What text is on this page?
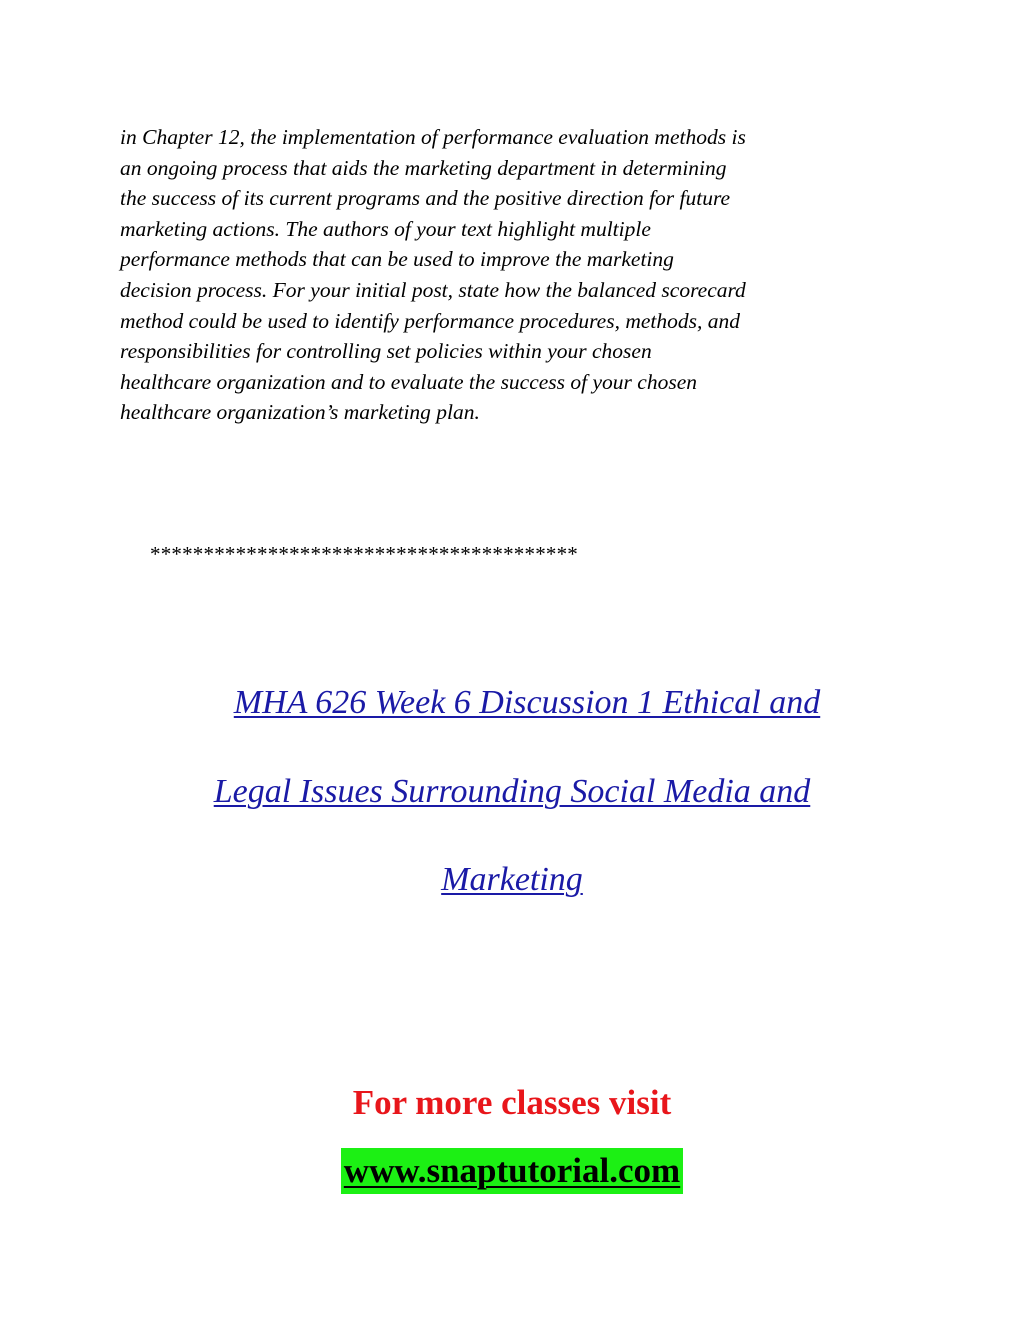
in Chapter 12, the implementation of performance evaluation methods is
an ongoing process that aids the marketing department in determining
the success of its current programs and the positive direction for future
marketing actions. The authors of your text highlight multiple
performance methods that can be used to improve the marketing
decision process. For your initial post, state how the balanced scorecard
method could be used to identify performance procedures, methods, and
responsibilities for controlling set policies within your chosen
healthcare organization and to evaluate the success of your chosen
healthcare organization’s marketing plan.
****************************************
MHA 626 Week 6 Discussion 1 Ethical and
Legal Issues Surrounding Social Media and
Marketing
For more classes visit
www.snaptutorial.com
